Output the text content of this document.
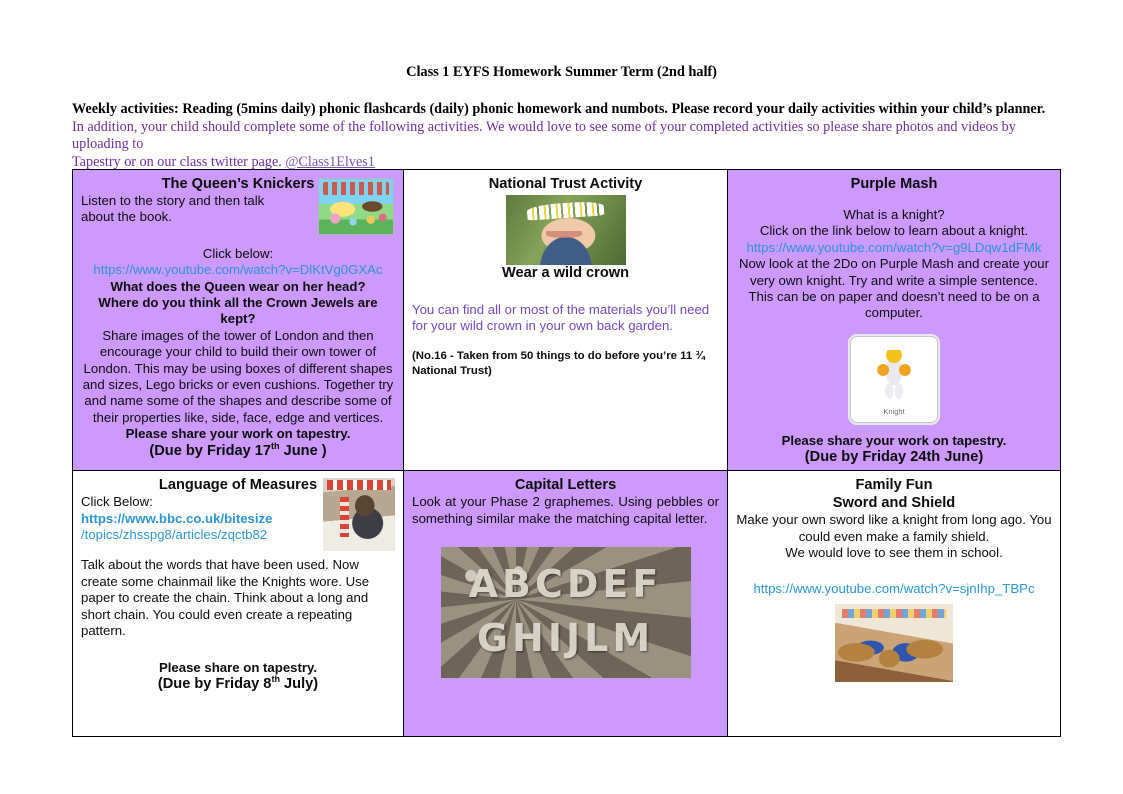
Class 1 EYFS Homework Summer Term (2nd half)
Weekly activities: Reading (5mins daily) phonic flashcards (daily) phonic homework and numbots. Please record your daily activities within your child’s planner.
In addition, your child should complete some of the following activities. We would love to see some of your completed activities so please share photos and videos by uploading to
Tapestry or on our class twitter page. @Class1Elves1
The Queen’s Knickers
Listen to the story and then talk
about the book.
Click below:
https://www.youtube.com/watch?v=DlKtVg0GXAc
What does the Queen wear on her head?
Where do you think all the Crown Jewels are kept?
Share images of the tower of London and then encourage your child to build their own tower of London. This may be using boxes of different shapes and sizes, Lego bricks or even cushions. Together try and name some of the shapes and describe some of their properties like, side, face, edge and vertices.
Please share your work on tapestry.
(Due by Friday 17th June )

National Trust Activity
Wear a wild crown
You can find all or most of the materials you’ll need for your wild crown in your own back garden.
(No.16 - Taken from 50 things to do before you’re 11 ¾ National Trust)

Purple Mash
What is a knight?
Click on the link below to learn about a knight.
https://www.youtube.com/watch?v=g9LDqw1dFMk
Now look at the 2Do on Purple Mash and create your very own knight. Try and write a simple sentence. This can be on paper and doesn’t need to be on a computer.
Knight
Please share your work on tapestry.
(Due by Friday 24th June)

Language of Measures
Click Below:
https://www.bbc.co.uk/bitesize
/topics/zhsspg8/articles/zqctb82
Talk about the words that have been used. Now create some chainmail like the Knights wore. Use paper to create the chain. Think about a long and short chain. You could even create a repeating pattern.
Please share on tapestry.
(Due by Friday 8th July)

Capital Letters
Look at your Phase 2 graphemes. Using pebbles or something similar make the matching capital letter.
ABCDEF
GHIJLM

Family Fun
Sword and Shield
Make your own sword like a knight from long ago. You
could even make a family shield.
We would love to see them in school.
https://www.youtube.com/watch?v=sjnIhp_TBPc
